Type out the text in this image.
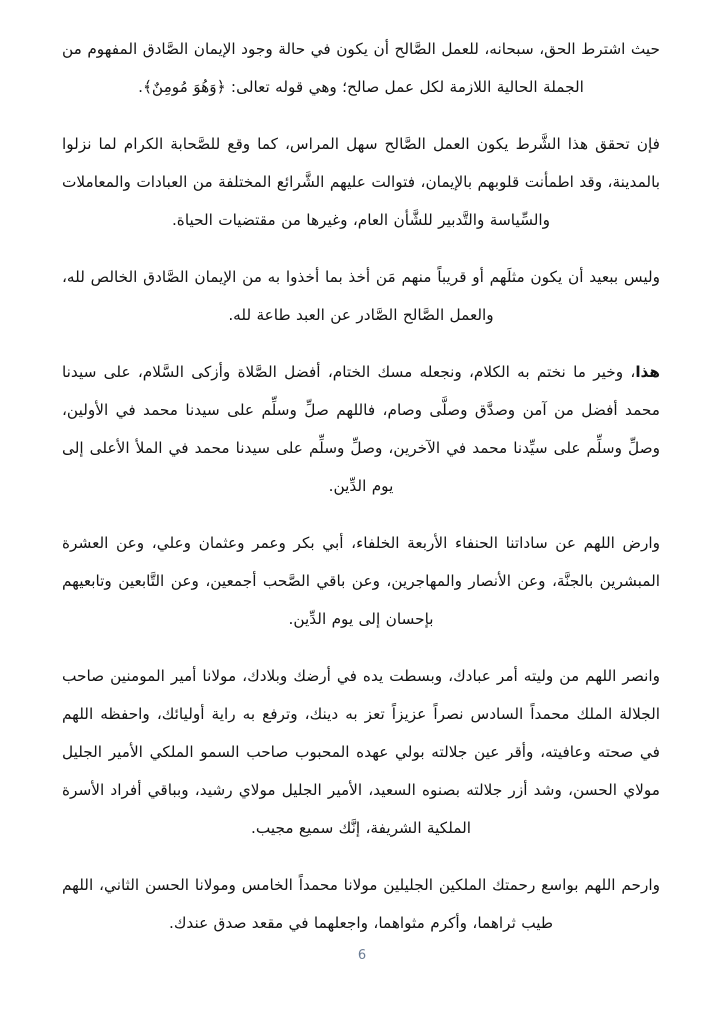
حيث اشترط الحق، سبحانه، للعمل الصَّالح أن يكون في حالة وجود الإيمان الصَّادق المفهوم من الجملة الحالية اللازمة لكل عمل صالح؛ وهي قوله تعالى: ﴿وَهُوَ مُومِنٌ﴾.

فإن تحقق هذا الشَّرط يكون العمل الصَّالح سهل المراس، كما وقع للصَّحابة الكرام لما نزلوا بالمدينة، وقد اطمأنت قلوبهم بالإيمان، فتوالت عليهم الشَّرائع المختلفة من العبادات والمعاملات والسِّياسة والتَّدبير للشَّأن العام، وغيرها من مقتضيات الحياة.

وليس ببعيد أن يكون مثلَهم أو قريباً منهم مَن أخذ بما أخذوا به من الإيمان الصَّادق الخالص لله، والعمل الصَّالح الصَّادر عن العبد طاعة لله.

هذا، وخير ما نختم به الكلام، ونجعله مسك الختام، أفضل الصَّلاة وأزكى السَّلام، على سيدنا محمد أفضل من آمن وصدَّق وصلَّى وصام، فاللهم صلِّ وسلِّم على سيدنا محمد في الأولين، وصلِّ وسلِّم على سيِّدنا محمد في الآخرين، وصلِّ وسلِّم على سيدنا محمد في الملأ الأعلى إلى يوم الدِّين.

وارض اللهم عن ساداتنا الحنفاء الأربعة الخلفاء، أبي بكر وعمر وعثمان وعلي، وعن العشرة المبشرين بالجنَّة، وعن الأنصار والمهاجرين، وعن باقي الصَّحب أجمعين، وعن التَّابعين وتابعيهم بإحسان إلى يوم الدِّين.

وانصر اللهم من وليته أمر عبادك، وبسطت يده في أرضك وبلادك، مولانا أمير المومنين صاحب الجلالة الملك محمداً السادس نصراً عزيزاً تعز به دينك، وترفع به راية أوليائك، واحفظه اللهم في صحته وعافيته، وأقر عين جلالته بولي عهده المحبوب صاحب السمو الملكي الأمير الجليل مولاي الحسن، وشد أزر جلالته بصنوه السعيد، الأمير الجليل مولاي رشيد، وبباقي أفراد الأسرة الملكية الشريفة، إنَّك سميع مجيب.

وارحم اللهم بواسع رحمتك الملكين الجليلين مولانا محمداً الخامس ومولانا الحسن الثاني، اللهم طيب ثراهما، وأكرم مثواهما، واجعلهما في مقعد صدق عندك.

6
